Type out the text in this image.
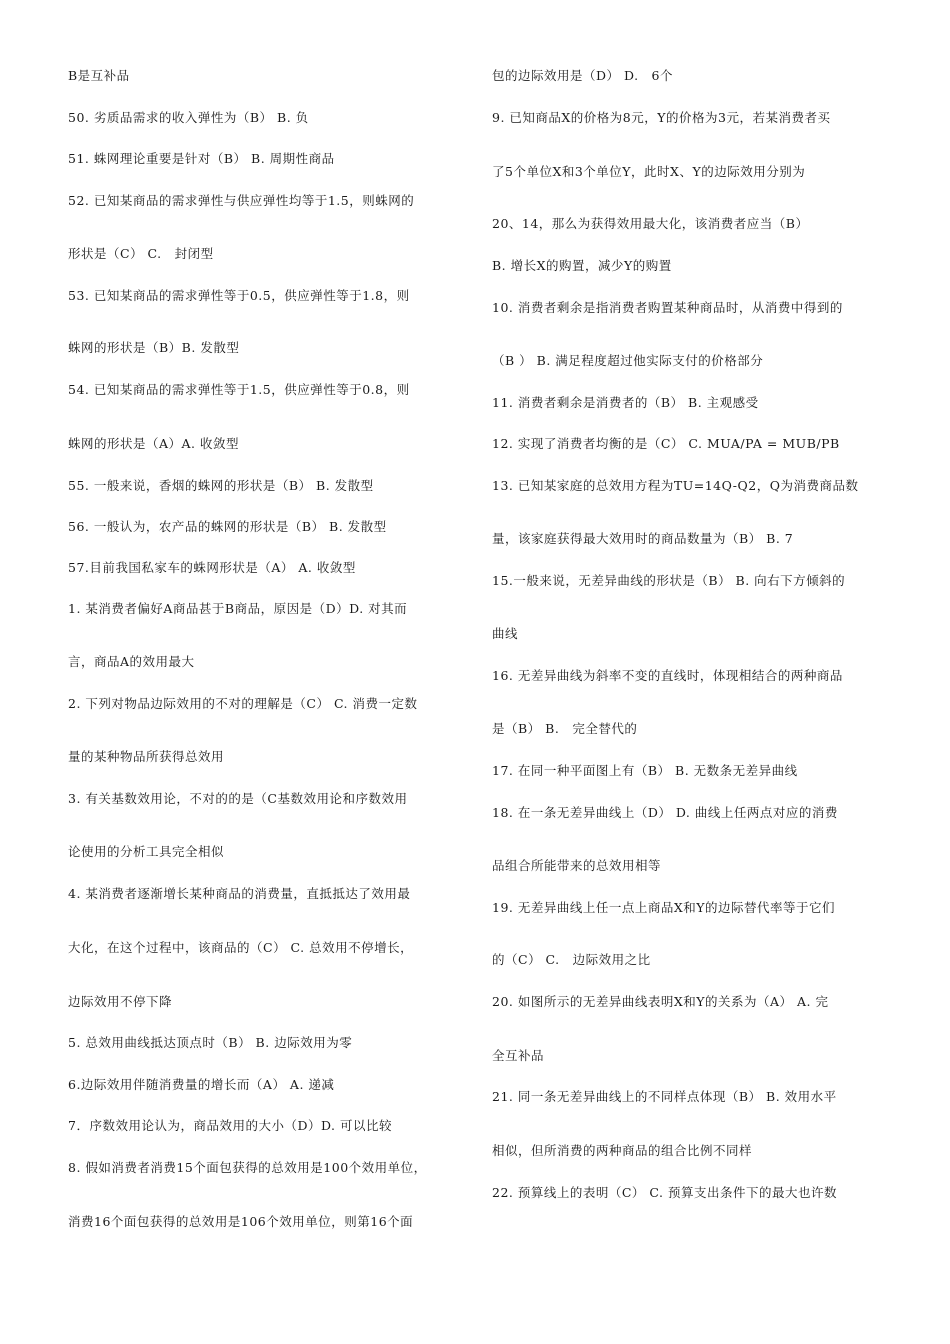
B是互补品
50. 劣质品需求的收入弹性为（B） B. 负
51. 蛛网理论重要是针对（B） B. 周期性商品
52. 已知某商品的需求弹性与供应弹性均等于1.5，则蛛网的
形状是（C） C.　封闭型
53. 已知某商品的需求弹性等于0.5，供应弹性等于1.8，则
蛛网的形状是（B）B. 发散型
54. 已知某商品的需求弹性等于1.5，供应弹性等于0.8，则
蛛网的形状是（A）A. 收敛型
55. 一般来说，香烟的蛛网的形状是（B） B. 发散型
56. 一般认为，农产品的蛛网的形状是（B） B. 发散型
57.目前我国私家车的蛛网形状是（A） A. 收敛型
1. 某消费者偏好A商品甚于B商品，原因是（D）D. 对其而
言，商品A的效用最大
2. 下列对物品边际效用的不对的理解是（C） C. 消费一定数
量的某种物品所获得总效用
3. 有关基数效用论，不对的的是（C基数效用论和序数效用
论使用的分析工具完全相似
4. 某消费者逐渐增长某种商品的消费量，直抵抵达了效用最
大化，在这个过程中，该商品的（C） C. 总效用不停增长，
边际效用不停下降
5. 总效用曲线抵达顶点时（B） B. 边际效用为零
6.边际效用伴随消费量的增长而（A） A. 递减
7．序数效用论认为，商品效用的大小（D）D. 可以比较
8. 假如消费者消费15个面包获得的总效用是100个效用单位，
消费16个面包获得的总效用是106个效用单位，则第16个面
包的边际效用是（D） D.　6个
9. 已知商品X的价格为8元，Y的价格为3元，若某消费者买
了5个单位X和3个单位Y，此时X、Y的边际效用分别为
20、14，那么为获得效用最大化，该消费者应当（B）
B. 增长X的购置，减少Y的购置
10. 消费者剩余是指消费者购置某种商品时，从消费中得到的
（B ） B. 满足程度超过他实际支付的价格部分
11. 消费者剩余是消费者的（B） B. 主观感受
12. 实现了消费者均衡的是（C） C. MUA/PA = MUB/PB
13. 已知某家庭的总效用方程为TU=14Q-Q2，Q为消费商品数
量，该家庭获得最大效用时的商品数量为（B） B. 7
15.一般来说，无差异曲线的形状是（B） B. 向右下方倾斜的
曲线
16. 无差异曲线为斜率不变的直线时，体现相结合的两种商品
是（B） B.　完全替代的
17. 在同一种平面图上有（B） B. 无数条无差异曲线
18. 在一条无差异曲线上（D） D. 曲线上任两点对应的消费
品组合所能带来的总效用相等
19. 无差异曲线上任一点上商品X和Y的边际替代率等于它们
的（C） C.　边际效用之比
20. 如图所示的无差异曲线表明X和Y的关系为（A） A. 完
全互补品
21. 同一条无差异曲线上的不同样点体现（B） B. 效用水平
相似，但所消费的两种商品的组合比例不同样
22. 预算线上的表明（C） C. 预算支出条件下的最大也许数
